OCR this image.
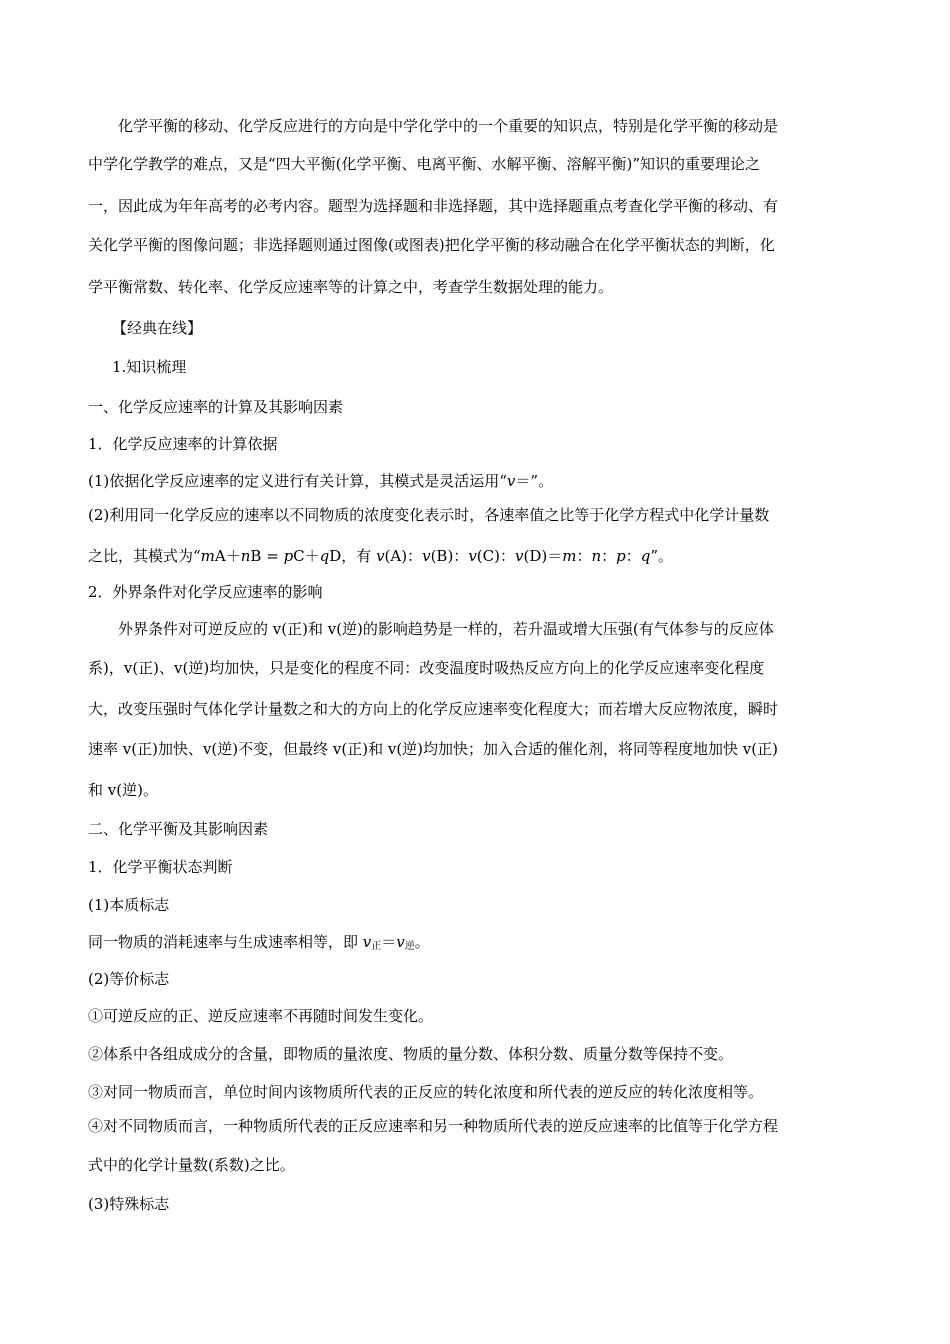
化学平衡的移动、化学反应进行的方向是中学化学中的一个重要的知识点，特别是化学平衡的移动是
中学化学教学的难点，又是“四大平衡(化学平衡、电离平衡、水解平衡、溶解平衡)”知识的重要理论之
一，因此成为年年高考的必考内容。题型为选择题和非选择题，其中选择题重点考查化学平衡的移动、有
关化学平衡的图像问题；非选择题则通过图像(或图表)把化学平衡的移动融合在化学平衡状态的判断，化
学平衡常数、转化率、化学反应速率等的计算之中，考查学生数据处理的能力。
【经典在线】
1.知识梳理
一、化学反应速率的计算及其影响因素
1．化学反应速率的计算依据
(1)依据化学反应速率的定义进行有关计算，其模式是灵活运用“v＝”。
(2)利用同一化学反应的速率以不同物质的浓度变化表示时，各速率值之比等于化学方程式中化学计量数
之比，其模式为“mA＋nB = pC＋qD，有 v(A)：v(B)：v(C)：v(D)＝m：n：p：q”。
2．外界条件对化学反应速率的影响
外界条件对可逆反应的 v(正)和 v(逆)的影响趋势是一样的，若升温或增大压强(有气体参与的反应体
系)，v(正)、v(逆)均加快，只是变化的程度不同：改变温度时吸热反应方向上的化学反应速率变化程度
大，改变压强时气体化学计量数之和大的方向上的化学反应速率变化程度大；而若增大反应物浓度，瞬时
速率 v(正)加快、v(逆)不变，但最终 v(正)和 v(逆)均加快；加入合适的催化剂，将同等程度地加快 v(正)
和 v(逆)。
二、化学平衡及其影响因素
1．化学平衡状态判断
(1)本质标志
同一物质的消耗速率与生成速率相等，即 $v_正=v_逆$。
(2)等价标志
①可逆反应的正、逆反应速率不再随时间发生变化。
②体系中各组成成分的含量，即物质的量浓度、物质的量分数、体积分数、质量分数等保持不变。
③对同一物质而言，单位时间内该物质所代表的正反应的转化浓度和所代表的逆反应的转化浓度相等。
④对不同物质而言，一种物质所代表的正反应速率和另一种物质所代表的逆反应速率的比值等于化学方程
式中的化学计量数(系数)之比。
(3)特殊标志
